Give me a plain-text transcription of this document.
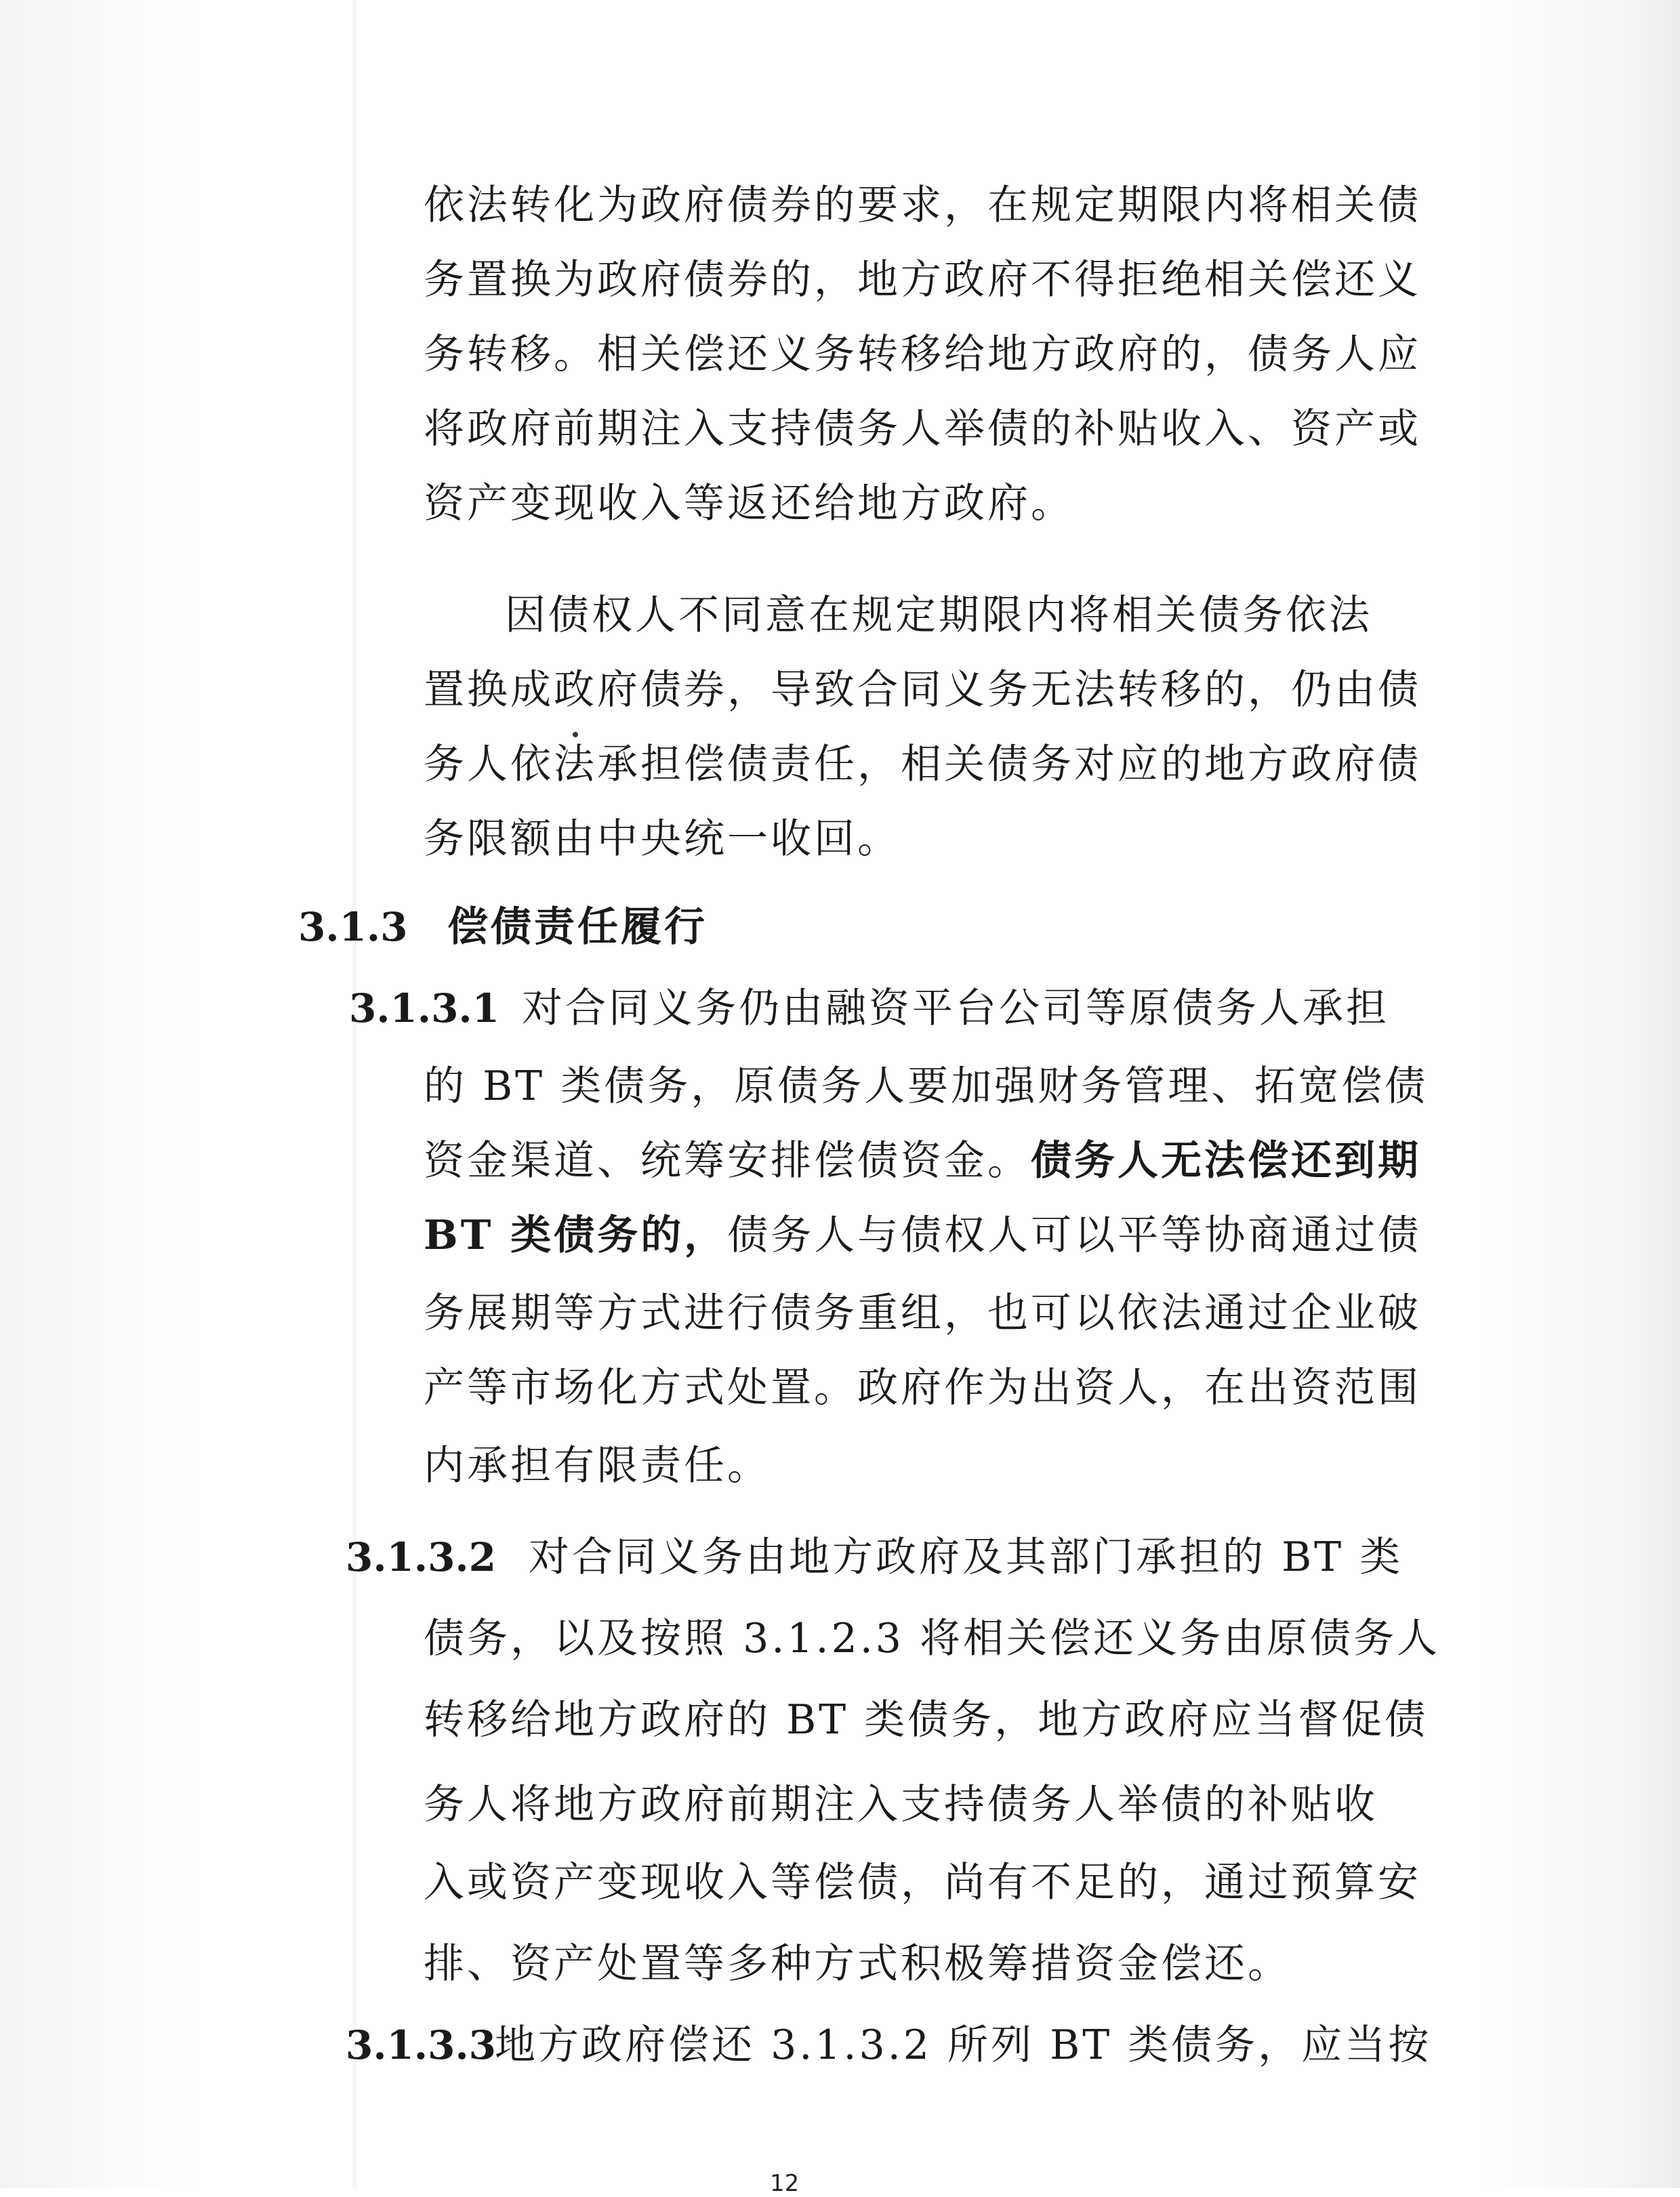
依法转化为政府债券的要求，在规定期限内将相关债
务置换为政府债券的，地方政府不得拒绝相关偿还义
务转移。相关偿还义务转移给地方政府的，债务人应
将政府前期注入支持债务人举债的补贴收入、资产或
资产变现收入等返还给地方政府。
因债权人不同意在规定期限内将相关债务依法
置换成政府债券，导致合同义务无法转移的，仍由债
务人依法承担偿债责任，相关债务对应的地方政府债
务限额由中央统一收回。
3.1.3 偿债责任履行
3.1.3.1 对合同义务仍由融资平台公司等原债务人承担
的 BT 类债务，原债务人要加强财务管理、拓宽偿债
资金渠道、统筹安排偿债资金。债务人无法偿还到期
BT 类债务的，债务人与债权人可以平等协商通过债
务展期等方式进行债务重组，也可以依法通过企业破
产等市场化方式处置。政府作为出资人，在出资范围
内承担有限责任。
3.1.3.2 对合同义务由地方政府及其部门承担的 BT 类
债务，以及按照 3.1.2.3 将相关偿还义务由原债务人
转移给地方政府的 BT 类债务，地方政府应当督促债
务人将地方政府前期注入支持债务人举债的补贴收
入或资产变现收入等偿债，尚有不足的，通过预算安
排、资产处置等多种方式积极筹措资金偿还。
3.1.3.3
地方政府偿还 3.1.3.2 所列 BT 类债务，应当按
12
